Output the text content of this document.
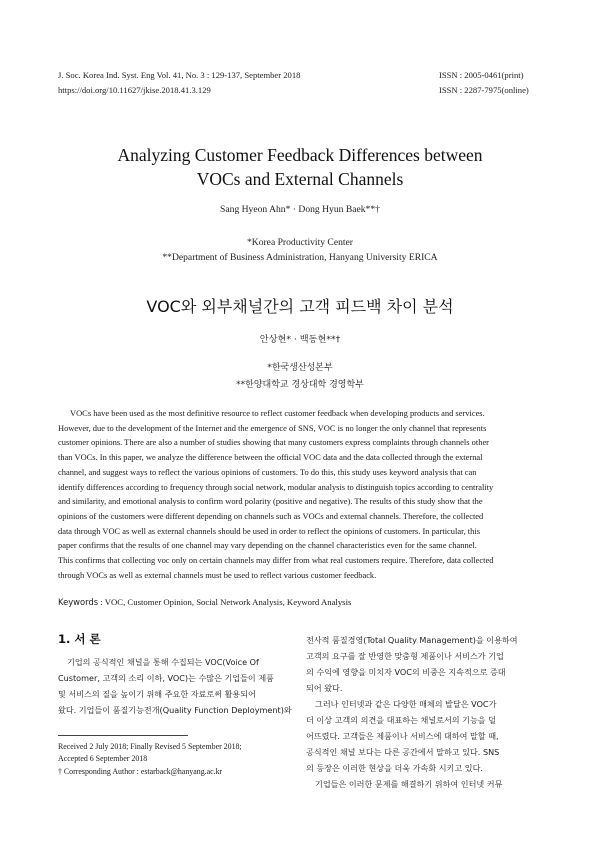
J. Soc. Korea Ind. Syst. Eng Vol. 41, No. 3 : 129-137, September 2018
https://doi.org/10.11627/jkise.2018.41.3.129
ISSN : 2005-0461(print)
ISSN : 2287-7975(online)
Analyzing Customer Feedback Differences between
VOCs and External Channels
Sang Hyeon Ahn* · Dong Hyun Baek**†
*Korea Productivity Center
**Department of Business Administration, Hanyang University ERICA
VOC와 외부채널간의 고객 피드백 차이 분석
안상현* · 백동현**†
*한국생산성본부
**한양대학교 경상대학 경영학부
VOCs have been used as the most definitive resource to reflect customer feedback when developing products and services.
However, due to the development of the Internet and the emergence of SNS, VOC is no longer the only channel that represents
customer opinions. There are also a number of studies showing that many customers express complaints through channels other
than VOCs. In this paper, we analyze the difference between the official VOC data and the data collected through the external
channel, and suggest ways to reflect the various opinions of customers. To do this, this study uses keyword analysis that can
identify differences according to frequency through social network, modular analysis to distinguish topics according to centrality
and similarity, and emotional analysis to confirm word polarity (positive and negative). The results of this study show that the
opinions of the customers were different depending on channels such as VOCs and external channels. Therefore, the collected
data through VOC as well as external channels should be used in order to reflect the opinions of customers. In particular, this
paper confirms that the results of one channel may vary depending on the channel characteristics even for the same channel.
This confirms that collecting voc only on certain channels may differ from what real customers require. Therefore, data collected
through VOCs as well as external channels must be used to reflect various customer feedback.
Keywords : VOC, Customer Opinion, Social Network Analysis, Keyword Analysis
1. 서 론
기업의 공식적인 채널을 통해 수집되는 VOC(Voice Of
Customer, 고객의 소리 이하, VOC)는 수많은 기업들이 제품
및 서비스의 질을 높이기 위해 주요한 자료로써 활용되어
왔다. 기업들이 품질기능전개(Quality Function Deployment)와
Received 2 July 2018; Finally Revised 5 September 2018;
Accepted 6 September 2018
† Corresponding Author : estarback@hanyang.ac.kr
전사적 품질경영(Total Quality Management)을 이용하여
고객의 요구를 잘 반영한 맞춤형 제품이나 서비스가 기업
의 수익에 영향을 미치자 VOC의 비중은 지속적으로 증대
되어 왔다.
그러나 인터넷과 같은 다양한 매체의 발달은 VOC가
더 이상 고객의 의견을 대표하는 채널로서의 기능을 덜
어뜨렸다. 고객들은 제품이나 서비스에 대하여 말할 때,
공식적인 채널 보다는 다른 공간에서 말하고 있다. SNS
의 등장은 이러한 현상을 더욱 가속화 시키고 있다.
기업들은 이러한 문제를 해결하기 위하여 인터넷 커뮤
